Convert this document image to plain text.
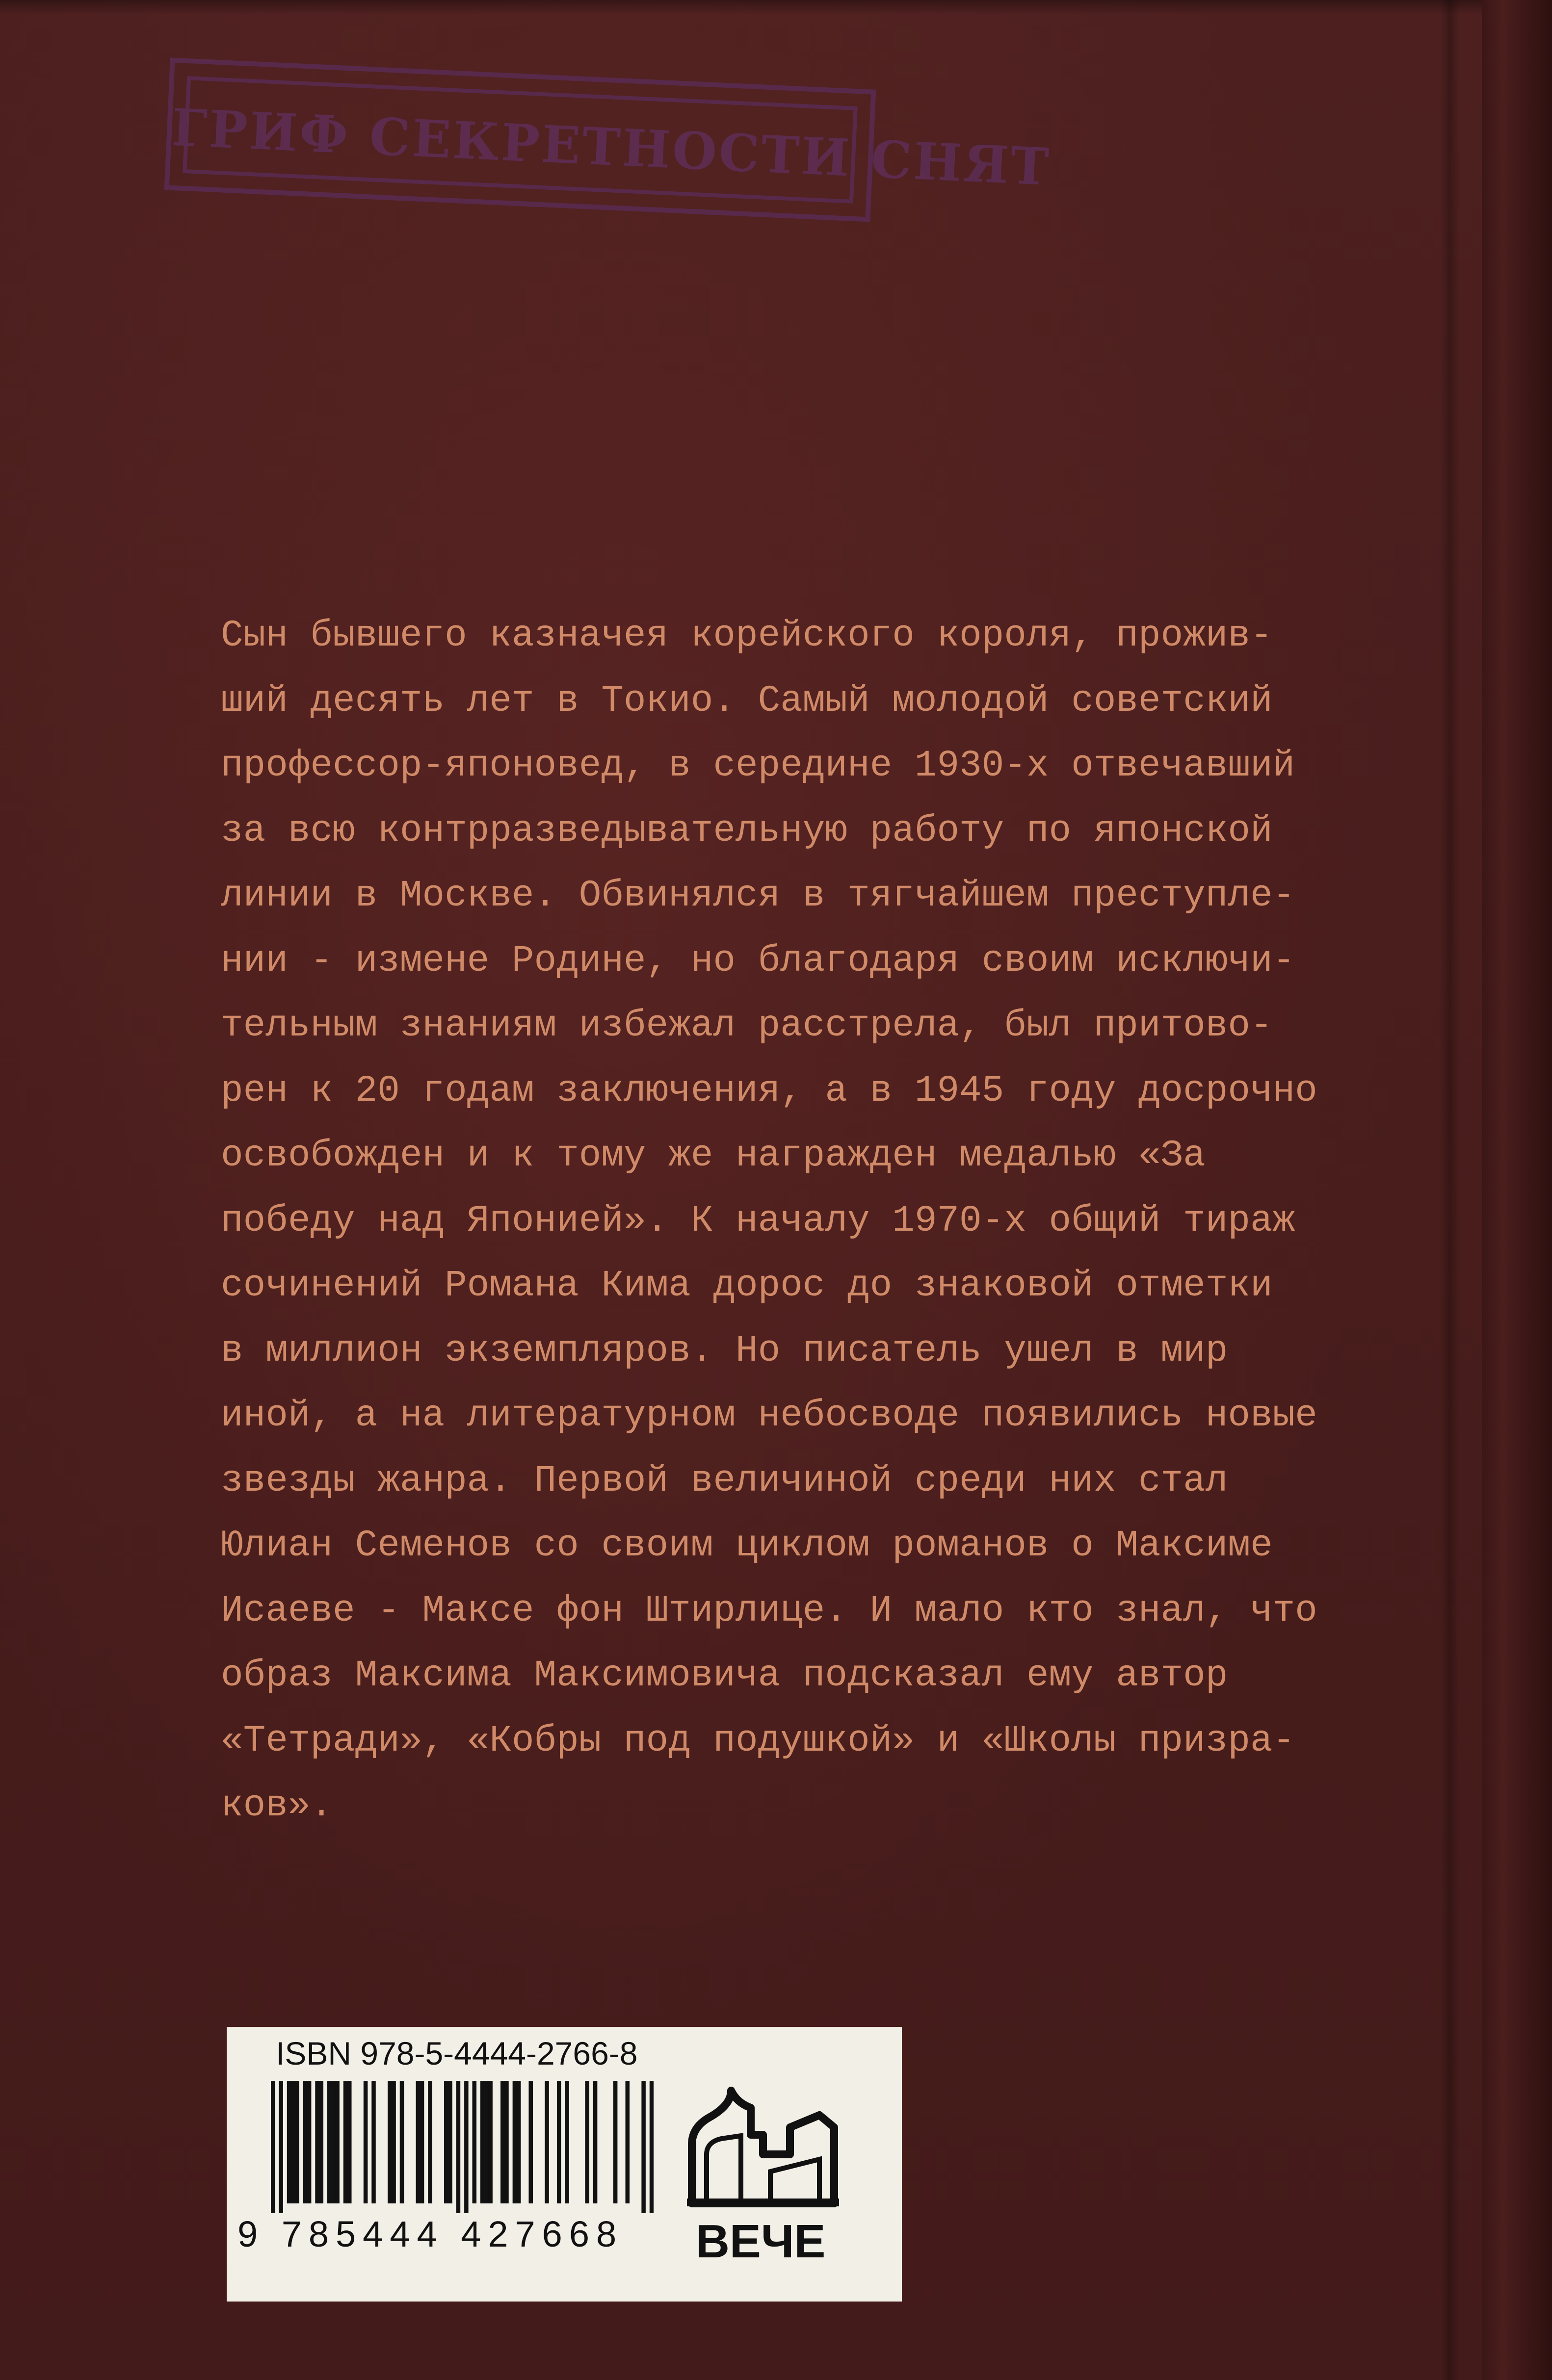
ГРИФ СЕКРЕТНОСТИ СНЯТ
Сын бывшего казначея корейского короля, прожив-
ший десять лет в Токио. Самый молодой советский
профессор-японовед, в середине 1930-х отвечавший
за всю контрразведывательную работу по японской
линии в Москве. Обвинялся в тягчайшем преступле-
нии - измене Родине, но благодаря своим исключи-
тельным знаниям избежал расстрела, был притово-
рен к 20 годам заключения, а в 1945 году досрочно
освобожден и к тому же награжден медалью «За
победу над Японией». К началу 1970-х общий тираж
сочинений Романа Кима дорос до знаковой отметки
в миллион экземпляров. Но писатель ушел в мир
иной, а на литературном небосводе появились новые
звезды жанра. Первой величиной среди них стал
Юлиан Семенов со своим циклом романов о Максиме
Исаеве - Максе фон Штирлице. И мало кто знал, что
образ Максима Максимовича подсказал ему автор
«Тетради», «Кобры под подушкой» и «Школы призра-
ков».
ISBN 978-5-4444-2766-8
9 785444 427668 ВЕЧЕ
